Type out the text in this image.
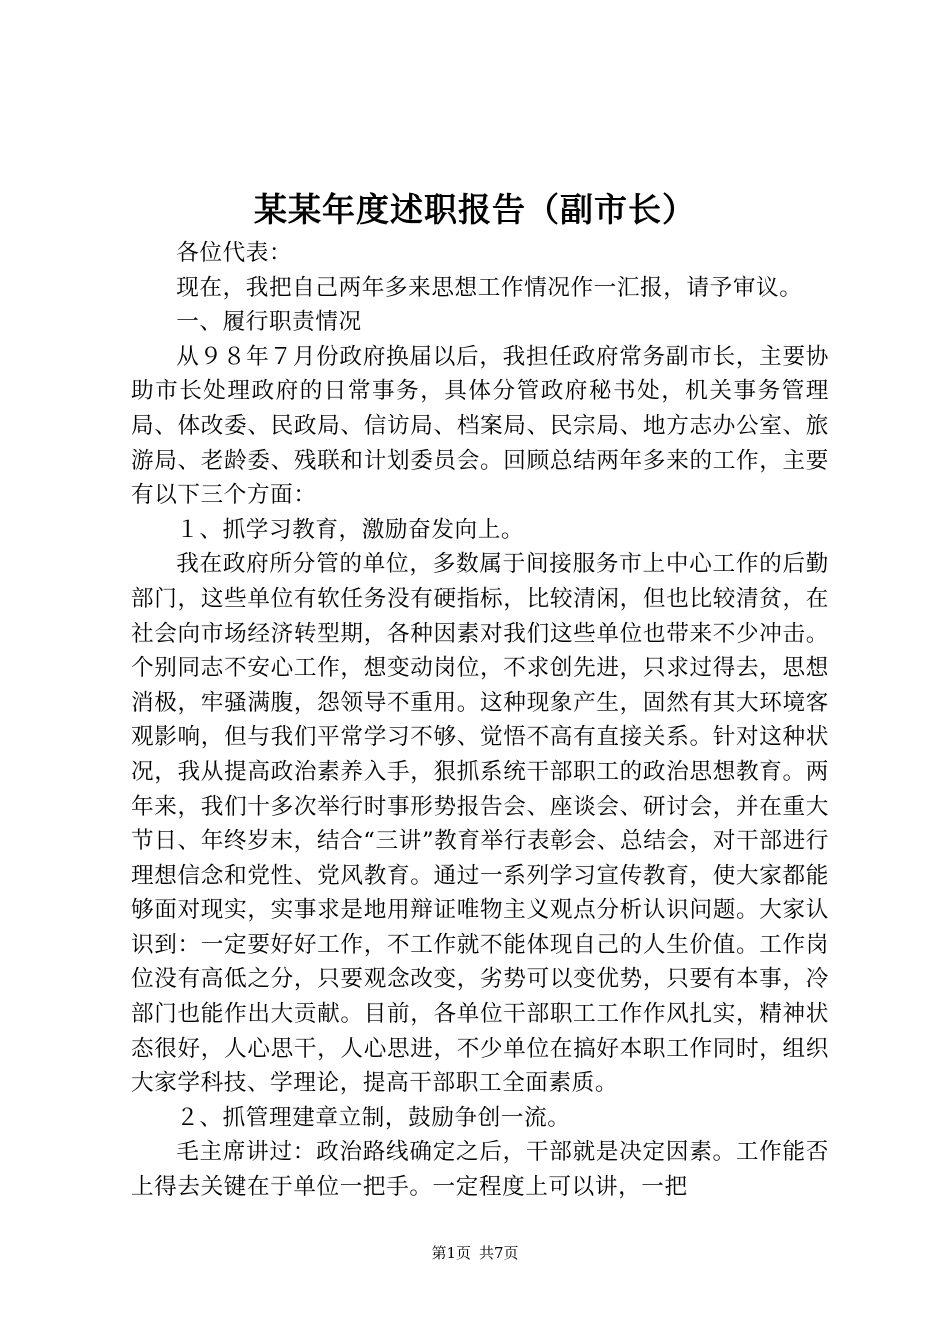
某某年度述职报告（副市长）

各位代表：

现在，我把自己两年多来思想工作情况作一汇报，请予审议。

一、履行职责情况

从９８年７月份政府换届以后，我担任政府常务副市长，主要协助市长处理政府的日常事务，具体分管政府秘书处，机关事务管理局、体改委、民政局、信访局、档案局、民宗局、地方志办公室、旅游局、老龄委、残联和计划委员会。回顾总结两年多来的工作，主要有以下三个方面：

１、抓学习教育，激励奋发向上。

我在政府所分管的单位，多数属于间接服务市上中心工作的后勤部门，这些单位有软任务没有硬指标，比较清闲，但也比较清贫，在社会向市场经济转型期，各种因素对我们这些单位也带来不少冲击。个别同志不安心工作，想变动岗位，不求创先进，只求过得去，思想消极，牢骚满腹，怨领导不重用。这种现象产生，固然有其大环境客观影响，但与我们平常学习不够、觉悟不高有直接关系。针对这种状况，我从提高政治素养入手，狠抓系统干部职工的政治思想教育。两年来，我们十多次举行时事形势报告会、座谈会、研讨会，并在重大节日、年终岁末，结合“三讲”教育举行表彰会、总结会，对干部进行理想信念和党性、党风教育。通过一系列学习宣传教育，使大家都能够面对现实，实事求是地用辩证唯物主义观点分析认识问题。大家认识到：一定要好好工作，不工作就不能体现自己的人生价值。工作岗位没有高低之分，只要观念改变，劣势可以变优势，只要有本事，冷部门也能作出大贡献。目前，各单位干部职工工作作风扎实，精神状态很好，人心思干，人心思进，不少单位在搞好本职工作同时，组织大家学科技、学理论，提高干部职工全面素质。

２、抓管理建章立制，鼓励争创一流。

毛主席讲过：政治路线确定之后，干部就是决定因素。工作能否上得去关键在于单位一把手。一定程度上可以讲，一把

第1页 共7页
